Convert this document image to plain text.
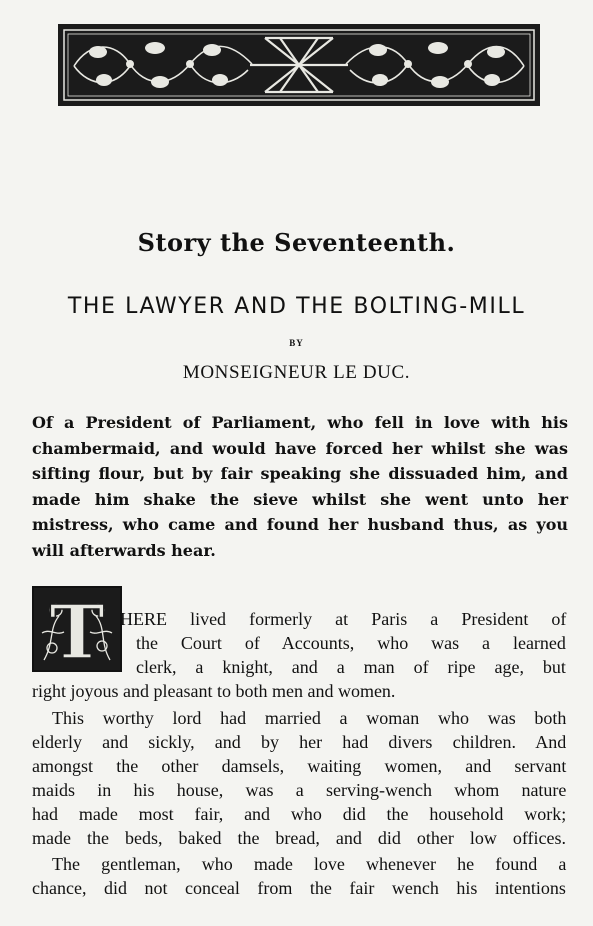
Story the Seventeenth.
THE LAWYER AND THE BOLTING-MILL
BY
MONSEIGNEUR LE DUC.

Of a President of Parliament, who fell in love with his chambermaid, and would have forced her whilst she was sifting flour, but by fair speaking she dissuaded him, and made him shake the sieve whilst she went unto her mistress, who came and found her husband thus, as you will afterwards hear.

T HERE lived formerly at Paris a President of
the Court of Accounts, who was a learned
clerk, a knight, and a man of ripe age, but
right joyous and pleasant to both men and women.
This worthy lord had married a woman who was both
elderly and sickly, and by her had divers children. And
amongst the other damsels, waiting women, and servant
maids in his house, was a serving-wench whom nature
had made most fair, and who did the household work;
made the beds, baked the bread, and did other low offices.
The gentleman, who made love whenever he found a
chance, did not conceal from the fair wench his intentions
